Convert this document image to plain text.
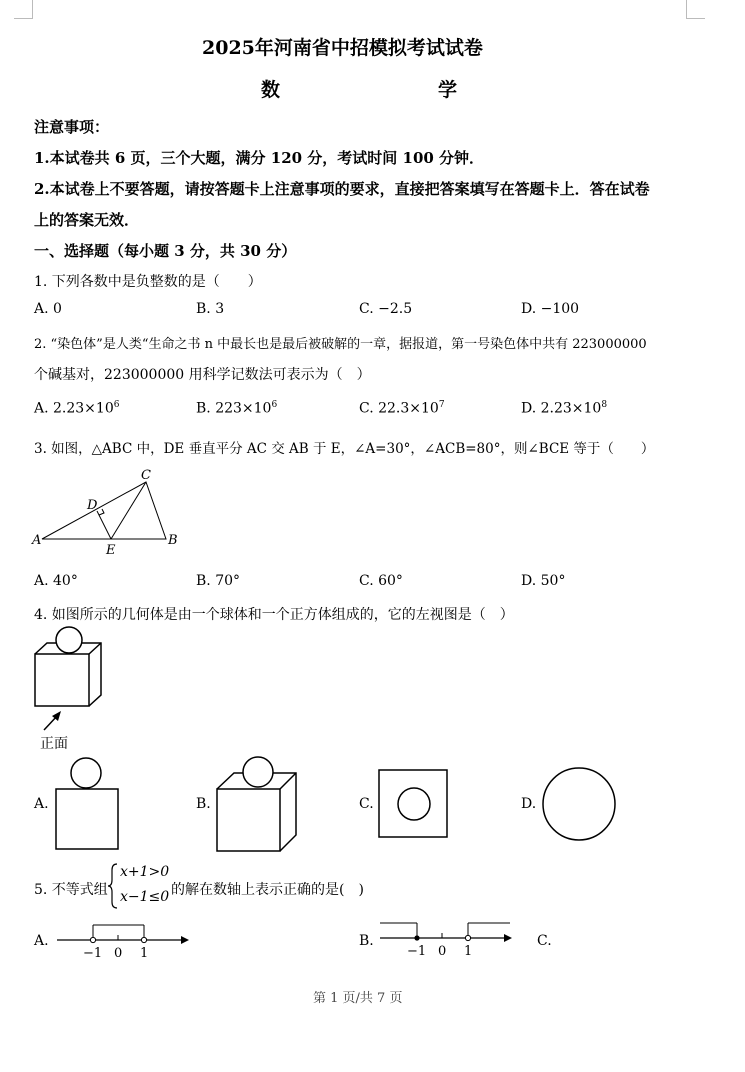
2025年河南省中招模拟考试试卷
数	学
注意事项：
1.本试卷共 6 页，三个大题，满分 120 分，考试时间 100 分钟．
2.本试卷上不要答题，请按答题卡上注意事项的要求，直接把答案填写在答题卡上．答在试卷
上的答案无效．
一、选择题（每小题 3 分，共 30 分）
1. 下列各数中是负整数的是（　　）
A. 0	B. 3	C. −2.5	D. −100
2. “染色体”是人类“生命之书 n 中最长也是最后被破解的一章，据报道，第一号染色体中共有 223000000
个碱基对，223000000 用科学记数法可表示为（　）
A. $2.23\times 10^6$	B. $223\times 10^6$	C. $22.3\times 10^7$	D. $2.23\times 10^8$
3. 如图，△ABC 中，DE 垂直平分 AC 交 AB 于 E，∠A=30°，∠ACB=80°，则∠BCE 等于（　　）
A	B
C
D
E
A. 40°	B. 70°	C. 60°	D. 50°
4. 如图所示的几何体是由一个球体和一个正方体组成的，它的左视图是（　）
正面
A.	B.	C.	D.
5. 不等式组
x+1>0
x−1≤0 的解在数轴上表示正确的是(　)
A.
−1 0 1
B.
−1 0 1
C.
第 1 页/共 7 页
